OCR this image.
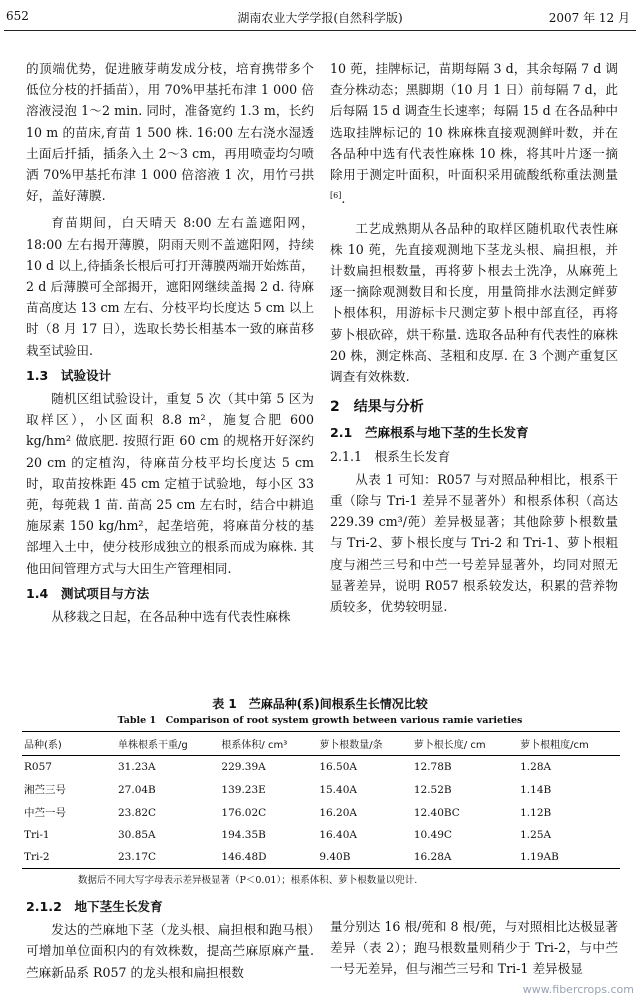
652	湖南农业大学学报(自然科学版)	2007 年 12 月

的顶端优势，促进腋芽萌发成分枝，培育携带多个低位分枝的扦插苗），用 70%甲基托布津 1 000 倍溶液浸泡 1～2 min. 同时，准备宽约 1.3 m，长约 10 m 的苗床,育苗 1 500 株. 16:00 左右浇水湿透土面后扦插，插条入土 2～3 cm，再用喷壶均匀喷洒 70%甲基托布津 1 000 倍溶液 1 次，用竹弓拱好，盖好薄膜.

育苗期间，白天晴天 8:00 左右盖遮阳网，18:00 左右揭开薄膜，阴雨天则不盖遮阳网，持续 10 d 以上,待插条长根后可打开薄膜两端开始炼苗，2 d 后薄膜可全部揭开，遮阳网继续盖揭 2 d. 待麻苗高度达 13 cm 左右、分枝平均长度达 5 cm 以上时（8 月 17 日），选取长势长相基本一致的麻苗移栽至试验田.

1.3　试验设计

随机区组试验设计，重复 5 次（其中第 5 区为取样区），小区面积 8.8 m²，施复合肥 600 kg/hm² 做底肥. 按照行距 60 cm 的规格开好深约 20 cm 的定植沟，待麻苗分枝平均长度达 5 cm 时，取苗按株距 45 cm 定植于试验地，每小区 33 蔸，每蔸栽 1 苗. 苗高 25 cm 左右时，结合中耕追施尿素 150 kg/hm²，起垄培蔸，将麻苗分枝的基部埋入土中，使分枝形成独立的根系而成为麻株. 其他田间管理方式与大田生产管理相同.

1.4　测试项目与方法

从移栽之日起，在各品种中选有代表性麻株

10 蔸，挂牌标记，苗期每隔 3 d，其余每隔 7 d 调查分株动态；黑脚期（10 月 1 日）前每隔 7 d，此后每隔 15 d 调查生长速率；每隔 15 d 在各品种中选取挂牌标记的 10 株麻株直接观测鲜叶数，并在各品种中选有代表性麻株 10 株，将其叶片逐一摘除用于测定叶面积，叶面积采用硫酸纸称重法测量[6].

工艺成熟期从各品种的取样区随机取代表性麻株 10 蔸，先直接观测地下茎龙头根、扁担根，并计数扁担根数量，再将萝卜根去土洗净，从麻蔸上逐一摘除观测数目和长度，用量筒排水法测定鲜萝卜根体积，用游标卡尺测定萝卜根中部直径，再将萝卜根砍碎，烘干称量. 选取各品种有代表性的麻株 20 株，测定株高、茎粗和皮厚. 在 3 个测产重复区调查有效株数.

2　结果与分析
2.1　苎麻根系与地下茎的生长发育
2.1.1　根系生长发育

从表 1 可知：R057 与对照品种相比，根系干重（除与 Tri-1 差异不显著外）和根系体积（高达 229.39 cm³/蔸）差异极显著；其他除萝卜根数量与 Tri-2、萝卜根长度与 Tri-2 和 Tri-1、萝卜根粗度与湘苎三号和中苎一号差异显著外，均同对照无显著差异，说明 R057 根系较发达，积累的营养物质较多，优势较明显.

表 1　苎麻品种(系)间根系生长情况比较
Table 1　Comparison of root system growth between various ramie varieties
品种(系)	单株根系干重/g	根系体积/ cm³	萝卜根数量/条	萝卜根长度/ cm	萝卜根粗度/cm
R057	31.23A	229.39A	16.50A	12.78B	1.28A
湘苎三号	27.04B	139.23E	15.40A	12.52B	1.14B
中苎一号	23.82C	176.02C	16.20A	12.40BC	1.12B
Tri-1	30.85A	194.35B	16.40A	10.49C	1.25A
Tri-2	23.17C	146.48D	9.40B	16.28A	1.19AB
数据后不同大写字母表示差异极显著（P＜0.01）；根系体积、萝卜根数量以兜计.
2.1.2　地下茎生长发育

发达的苎麻地下茎（龙头根、扁担根和跑马根）可增加单位面积内的有效株数，提高苎麻原麻产量. 苎麻新品系 R057 的龙头根和扁担根数

量分别达 16 根/蔸和 8 根/蔸，与对照相比达极显著差异（表 2）；跑马根数量则稍少于 Tri-2，与中苎一号无差异，但与湘苎三号和 Tri-1 差异极显

www.fibercrops.com
